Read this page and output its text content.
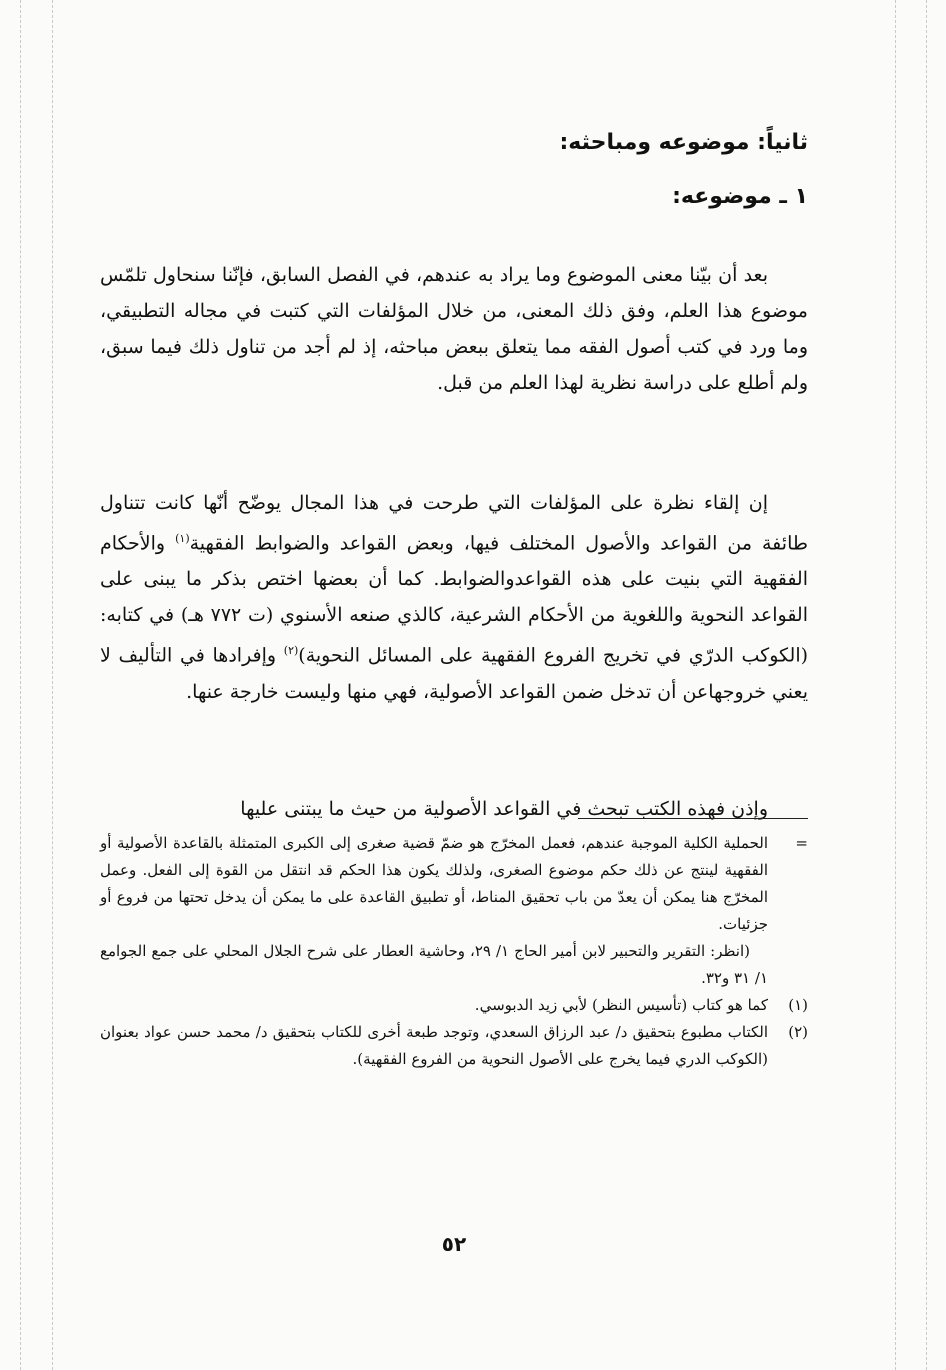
ثانياً: موضوعه ومباحثه:
١ ـ موضوعه:

بعد أن بيّنا معنى الموضوع وما يراد به عندهم، في الفصل السابق، فإنّنا سنحاول تلمّس موضوع هذا العلم، وفق ذلك المعنى، من خلال المؤلفات التي كتبت في مجاله التطبيقي، وما ورد في كتب أصول الفقه مما يتعلق ببعض مباحثه، إذ لم أجد من تناول ذلك فيما سبق، ولم أطلع على دراسة نظرية لهذا العلم من قبل.

إن إلقاء نظرة على المؤلفات التي طرحت في هذا المجال يوضّح أنّها كانت تتناول طائفة من القواعد والأصول المختلف فيها، وبعض القواعد والضوابط الفقهية$^{(١)}$ والأحكام الفقهية التي بنيت على هذه القواعدوالضوابط. كما أن بعضها اختص بذكر ما يبنى على القواعد النحوية واللغوية من الأحكام الشرعية، كالذي صنعه الأسنوي (ت ٧٧٢ هـ) في كتابه: (الكوكب الدرّي في تخريج الفروع الفقهية على المسائل النحوية)$^{(٢)}$ وإفرادها في التأليف لا يعني خروجهاعن أن تدخل ضمن القواعد الأصولية، فهي منها وليست خارجة عنها.

وإذن فهذه الكتب تبحث في القواعد الأصولية من حيث ما يبتنى عليها

=
الحملية الكلية الموجبة عندهم، فعمل المخرّج هو ضمّ قضية صغرى إلى الكبرى المتمثلة بالقاعدة الأصولية أو الفقهية لينتج عن ذلك حكم موضوع الصغرى، ولذلك يكون هذا الحكم قد انتقل من القوة إلى الفعل. وعمل المخرّج هنا يمكن أن يعدّ من باب تحقيق المناط، أو تطبيق القاعدة على ما يمكن أن يدخل تحتها من فروع أو جزئيات.

(انظر: التقرير والتحبير لابن أمير الحاج ١/ ٢٩، وحاشية العطار على شرح الجلال المحلي على جمع الجوامع ١/ ٣١ و٣٢.

(١)
كما هو كتاب (تأسيس النظر) لأبي زيد الدبوسي.

(٢)
الكتاب مطبوع بتحقيق د/ عبد الرزاق السعدي، وتوجد طبعة أخرى للكتاب بتحقيق د/ محمد حسن عواد بعنوان (الكوكب الدري فيما يخرج على الأصول النحوية من الفروع الفقهية).

٥٢
